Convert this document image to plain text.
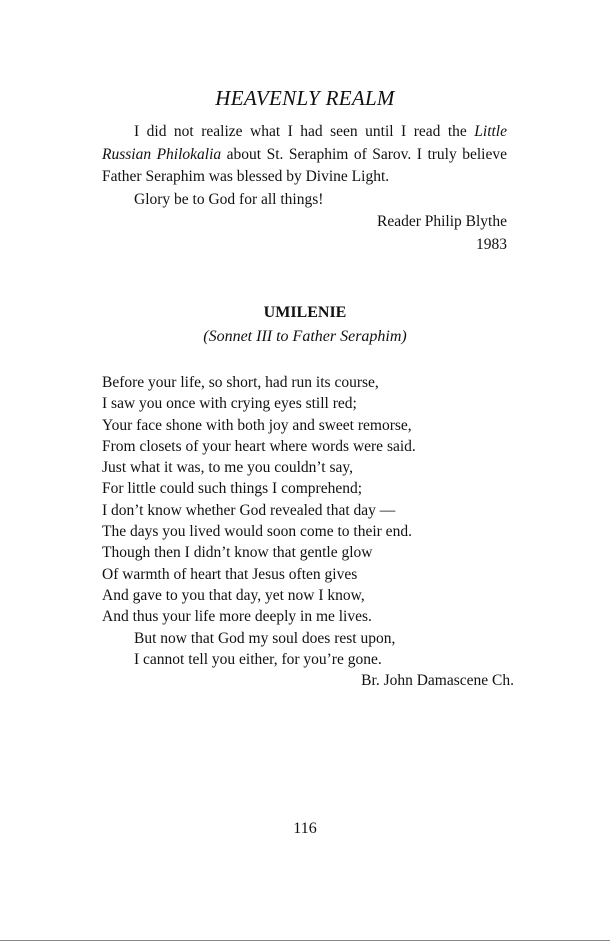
HEAVENLY REALM

I did not realize what I had seen until I read the Little Russian Philokalia about St. Seraphim of Sarov. I truly believe Father Seraphim was blessed by Divine Light.

Glory be to God for all things!

Reader Philip Blythe

1983

UMILENIE
(Sonnet III to Father Seraphim)
Before your life, so short, had run its course,
I saw you once with crying eyes still red;
Your face shone with both joy and sweet remorse,
From closets of your heart where words were said.
Just what it was, to me you couldn’t say,
For little could such things I comprehend;
I don’t know whether God revealed that day —
The days you lived would soon come to their end.
Though then I didn’t know that gentle glow
Of warmth of heart that Jesus often gives
And gave to you that day, yet now I know,
And thus your life more deeply in me lives.
But now that God my soul does rest upon,
I cannot tell you either, for you’re gone.
Br. John Damascene Ch.
116
